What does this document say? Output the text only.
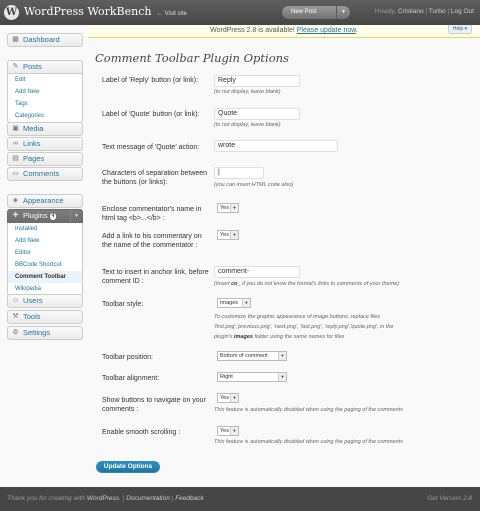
W WordPress WorkBench ← Visit site	New Post	▼	Howdy, Cristiano | Turbo | Log Out
WordPress 2.8 is available! Please update now.	Help ▾
▦ Dashboard
✎ Posts
Edit
Add New
Tags
Categories
▣ Media
∞ Links
▤ Pages
▭ Comments
◈ Appearance
✚ Plugins 4	▼
Installed
Add New
Editor
BBCode Shortcut
Comment Toolbar
Wikipedia
☺ Users
⚒ Tools
⚙ Settings
Comment Toolbar Plugin Options
Label of 'Reply' button (or link):	Reply
(to not display, leave blank)
Label of 'Quote' button (or link):	Quote
(to not display, leave blank)
Text message of 'Quote' action:	wrote
Characters of separation between the buttons (or links):
|
(you can insert HTML code also)
Enclose commentator's name in html tag <b>...</b> :
Yes ▼
Add a link to his commentary on the name of the commentator :
Yes ▼
Text to insert in anchor link, before comment ID :
comment-
(Insert co_ if you do not know the format's links to comments of your theme)
Toolbar style:	Images	▼
To customize the graphic appearance of image buttons, replace files
'first.png','previous.png', 'next.png', 'last.png', 'reply.png','quote.png', in the
plugin's images folder using the same names for files
Toolbar position:	Bottom of comment	▼
Toolbar alignment:	Right	▼
Show buttons to navigate on your comments :
Yes ▼
This feature is automatically disabled when using the paging of the comments
Enable smooth scrolling :	Yes ▼
This feature is automatically disabled when using the paging of the comments
Update Options
Thank you for creating with WordPress. | Documentation | Feedback	Get Version 2.8
